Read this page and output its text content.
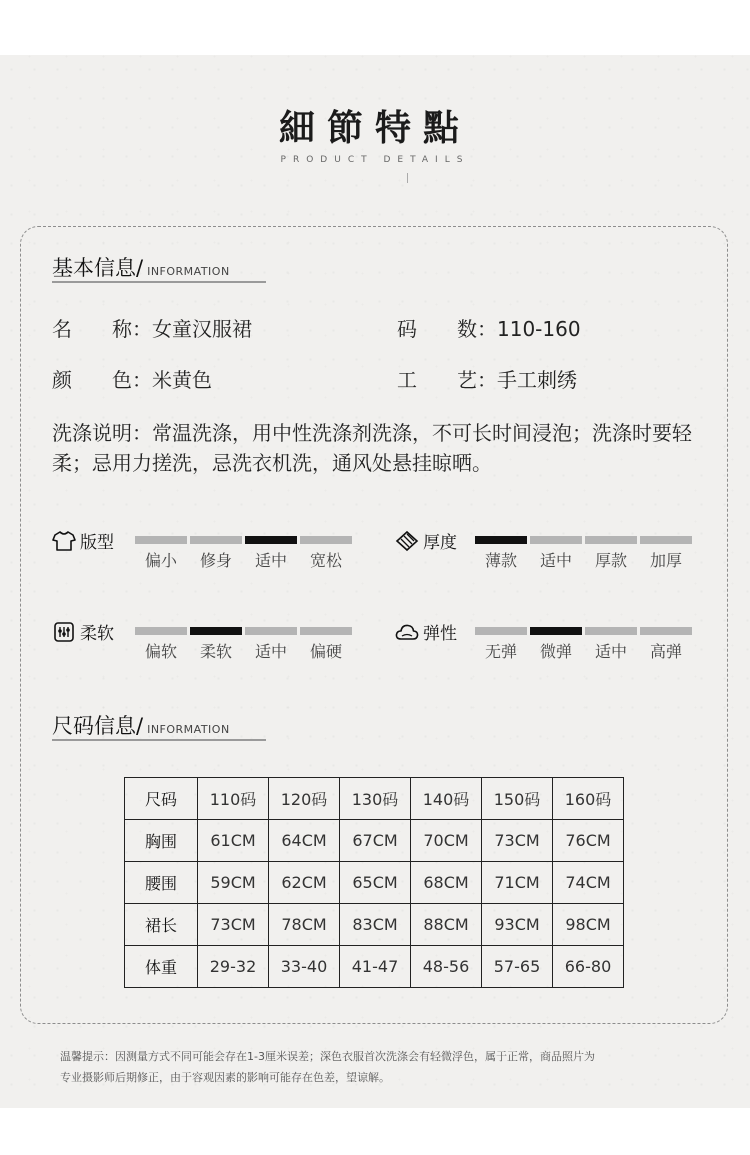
細節特點
PRODUCT DETAILS
基本信息/ INFORMATION
名　　称：女童汉服裙	码　　数：110-160
颜　　色：米黄色	工　　艺：手工刺绣
洗涤说明：常温洗涤，用中性洗涤剂洗涤，不可长时间浸泡；洗涤时要轻柔；忌用力搓洗，忌洗衣机洗，通风处悬挂晾晒。
版型	厚度
柔软	弹性
偏小	修身	适中	宽松	薄款	适中	厚款	加厚
偏软	柔软	适中	偏硬	无弹	微弹	适中	高弹
尺码信息/ INFORMATION
尺码	110码	120码	130码	140码	150码	160码
胸围	61CM	64CM	67CM	70CM	73CM	76CM
腰围	59CM	62CM	65CM	68CM	71CM	74CM
裙长	73CM	78CM	83CM	88CM	93CM	98CM
体重	29-32	33-40	41-47	48-56	57-65	66-80
温馨提示：因测量方式不同可能会存在1-3厘米误差；深色衣服首次洗涤会有轻微浮色，属于正常，商品照片为
专业摄影师后期修正，由于容观因素的影响可能存在色差，望谅解。
